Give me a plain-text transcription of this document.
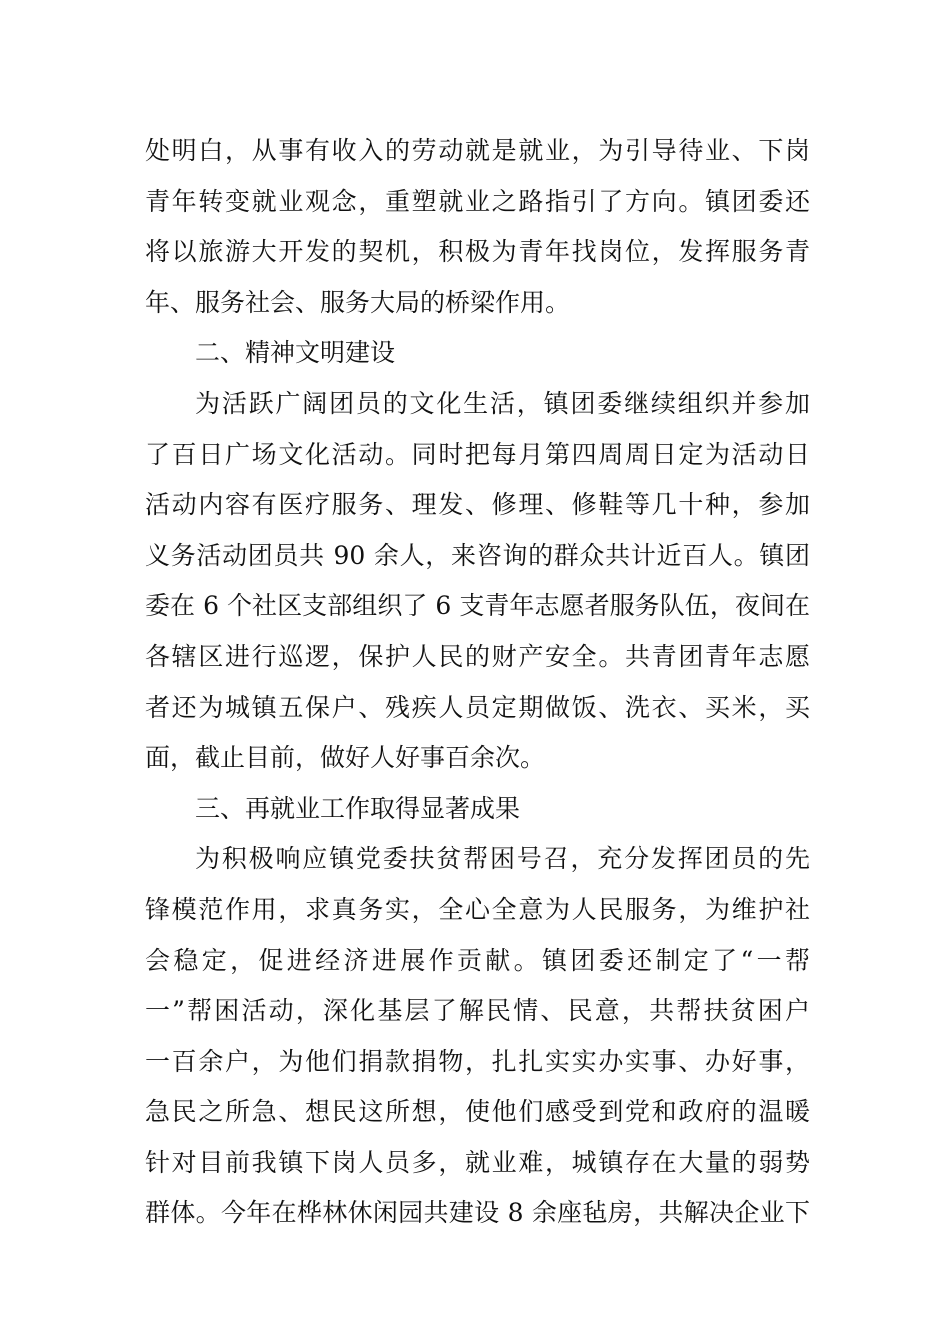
处明白，从事有收入的劳动就是就业，为引导待业、下岗
青年转变就业观念，重塑就业之路指引了方向。镇团委还
将以旅游大开发的契机，积极为青年找岗位，发挥服务青
年、服务社会、服务大局的桥梁作用。
二、精神文明建设
为活跃广阔团员的文化生活，镇团委继续组织并参加
了百日广场文化活动。同时把每月第四周周日定为活动日
活动内容有医疗服务、理发、修理、修鞋等几十种，参加
义务活动团员共 90 余人，来咨询的群众共计近百人。镇团
委在 6 个社区支部组织了 6 支青年志愿者服务队伍，夜间在
各辖区进行巡逻，保护人民的财产安全。共青团青年志愿
者还为城镇五保户、残疾人员定期做饭、洗衣、买米，买
面，截止目前，做好人好事百余次。
三、再就业工作取得显著成果
为积极响应镇党委扶贫帮困号召，充分发挥团员的先
锋模范作用，求真务实，全心全意为人民服务，为维护社
会稳定，促进经济进展作贡献。镇团委还制定了“一帮
一”帮困活动，深化基层了解民情、民意，共帮扶贫困户
一百余户，为他们捐款捐物，扎扎实实办实事、办好事，
急民之所急、想民这所想，使他们感受到党和政府的温暖
针对目前我镇下岗人员多，就业难，城镇存在大量的弱势
群体。今年在桦林休闲园共建设 8 余座毡房，共解决企业下
